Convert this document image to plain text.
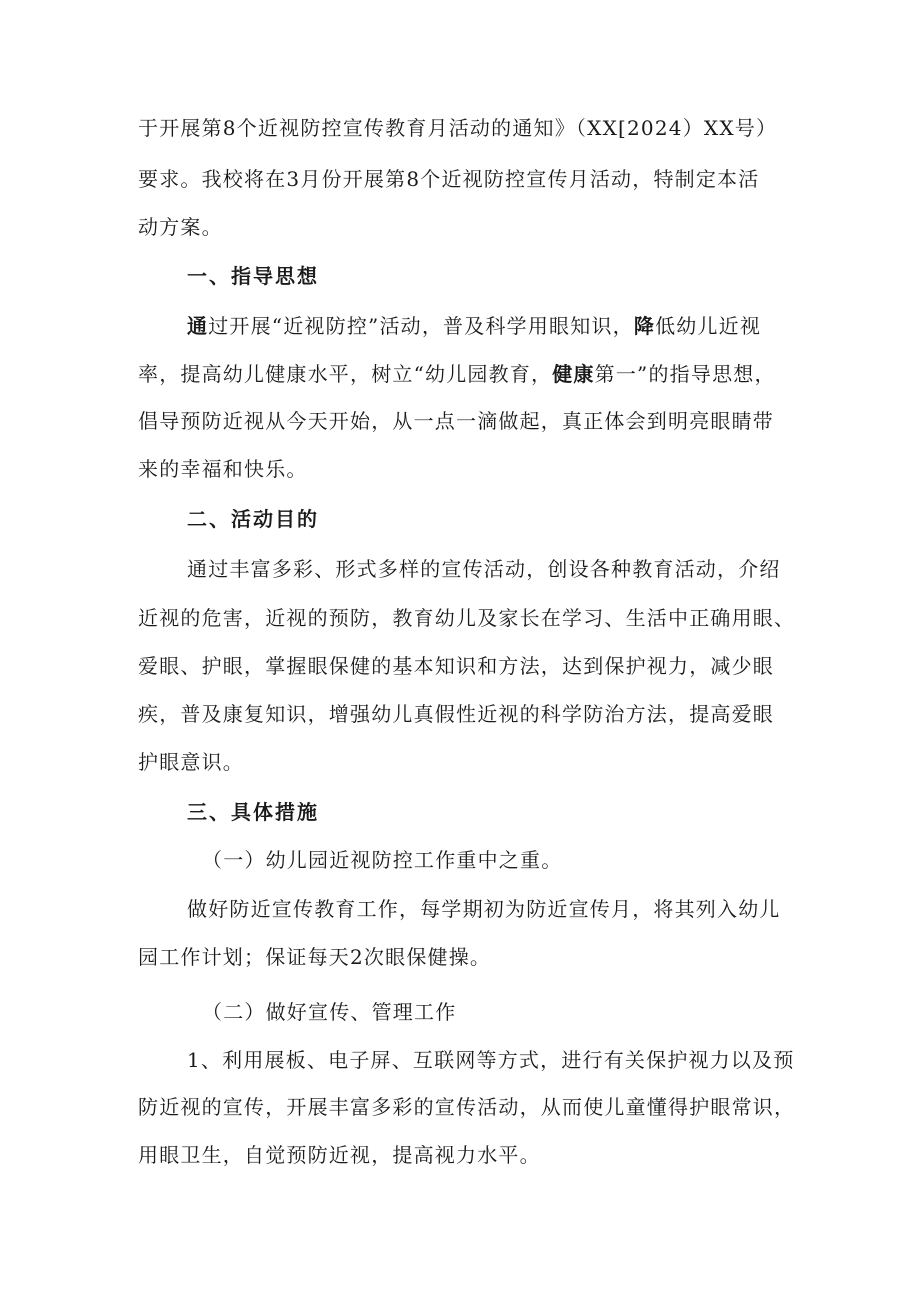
于开展第8个近视防控宣传教育月活动的通知》（XX[2024）XX号）
要求。我校将在3月份开展第8个近视防控宣传月活动，特制定本活
动方案。
一、指导思想
通过开展“近视防控”活动，普及科学用眼知识，降低幼儿近视
率，提高幼儿健康水平，树立“幼儿园教育，健康第一”的指导思想，
倡导预防近视从今天开始，从一点一滴做起，真正体会到明亮眼睛带
来的幸福和快乐。
二、活动目的
通过丰富多彩、形式多样的宣传活动，创设各种教育活动，介绍
近视的危害，近视的预防，教育幼儿及家长在学习、生活中正确用眼、
爱眼、护眼，掌握眼保健的基本知识和方法，达到保护视力，减少眼
疾，普及康复知识，增强幼儿真假性近视的科学防治方法，提高爱眼
护眼意识。
三、具体措施
（一）幼儿园近视防控工作重中之重。
做好防近宣传教育工作，每学期初为防近宣传月，将其列入幼儿
园工作计划；保证每天2次眼保健操。
（二）做好宣传、管理工作
1、利用展板、电子屏、互联网等方式，进行有关保护视力以及预
防近视的宣传，开展丰富多彩的宣传活动，从而使儿童懂得护眼常识，
用眼卫生，自觉预防近视，提高视力水平。
